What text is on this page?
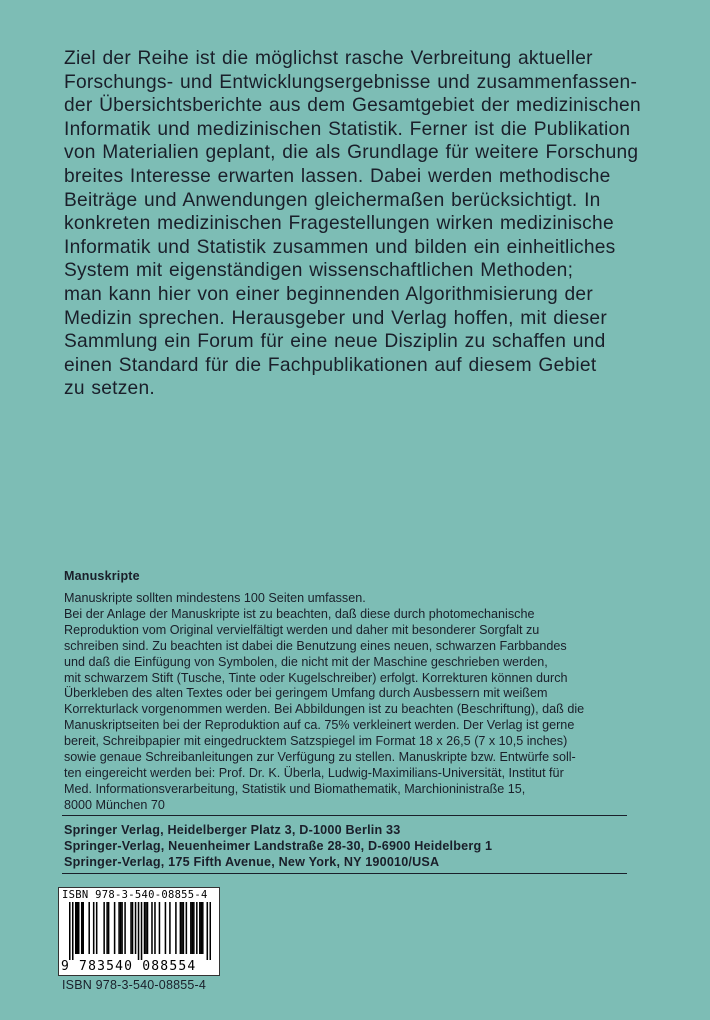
Ziel der Reihe ist die möglichst rasche Verbreitung aktueller
Forschungs- und Entwicklungsergebnisse und zusammenfassen-
der Übersichtsberichte aus dem Gesamtgebiet der medizinischen
Informatik und medizinischen Statistik. Ferner ist die Publikation
von Materialien geplant, die als Grundlage für weitere Forschung
breites Interesse erwarten lassen. Dabei werden methodische
Beiträge und Anwendungen gleichermaßen berücksichtigt. In
konkreten medizinischen Fragestellungen wirken medizinische
Informatik und Statistik zusammen und bilden ein einheitliches
System mit eigenständigen wissenschaftlichen Methoden;
man kann hier von einer beginnenden Algorithmisierung der
Medizin sprechen. Herausgeber und Verlag hoffen, mit dieser
Sammlung ein Forum für eine neue Disziplin zu schaffen und
einen Standard für die Fachpublikationen auf diesem Gebiet
zu setzen.
Manuskripte
Manuskripte sollten mindestens 100 Seiten umfassen.
Bei der Anlage der Manuskripte ist zu beachten, daß diese durch photomechanische
Reproduktion vom Original vervielfältigt werden und daher mit besonderer Sorgfalt zu
schreiben sind. Zu beachten ist dabei die Benutzung eines neuen, schwarzen Farbbandes
und daß die Einfügung von Symbolen, die nicht mit der Maschine geschrieben werden,
mit schwarzem Stift (Tusche, Tinte oder Kugelschreiber) erfolgt. Korrekturen können durch
Überkleben des alten Textes oder bei geringem Umfang durch Ausbessern mit weißem
Korrekturlack vorgenommen werden. Bei Abbildungen ist zu beachten (Beschriftung), daß die
Manuskriptseiten bei der Reproduktion auf ca. 75% verkleinert werden. Der Verlag ist gerne
bereit, Schreibpapier mit eingedrucktem Satzspiegel im Format 18 x 26,5 (7 x 10,5 inches)
sowie genaue Schreibanleitungen zur Verfügung zu stellen. Manuskripte bzw. Entwürfe soll-
ten eingereicht werden bei: Prof. Dr. K. Überla, Ludwig-Maximilians-Universität, Institut für
Med. Informationsverarbeitung, Statistik und Biomathematik, Marchioninistraße 15,
8000 München 70
Springer Verlag, Heidelberger Platz 3, D-1000 Berlin 33
Springer-Verlag, Neuenheimer Landstraße 28-30, D-6900 Heidelberg 1
Springer-Verlag, 175 Fifth Avenue, New York, NY 190010/USA
ISBN 978-3-540-08855-4
9 783540 088554
ISBN 978-3-540-08855-4
